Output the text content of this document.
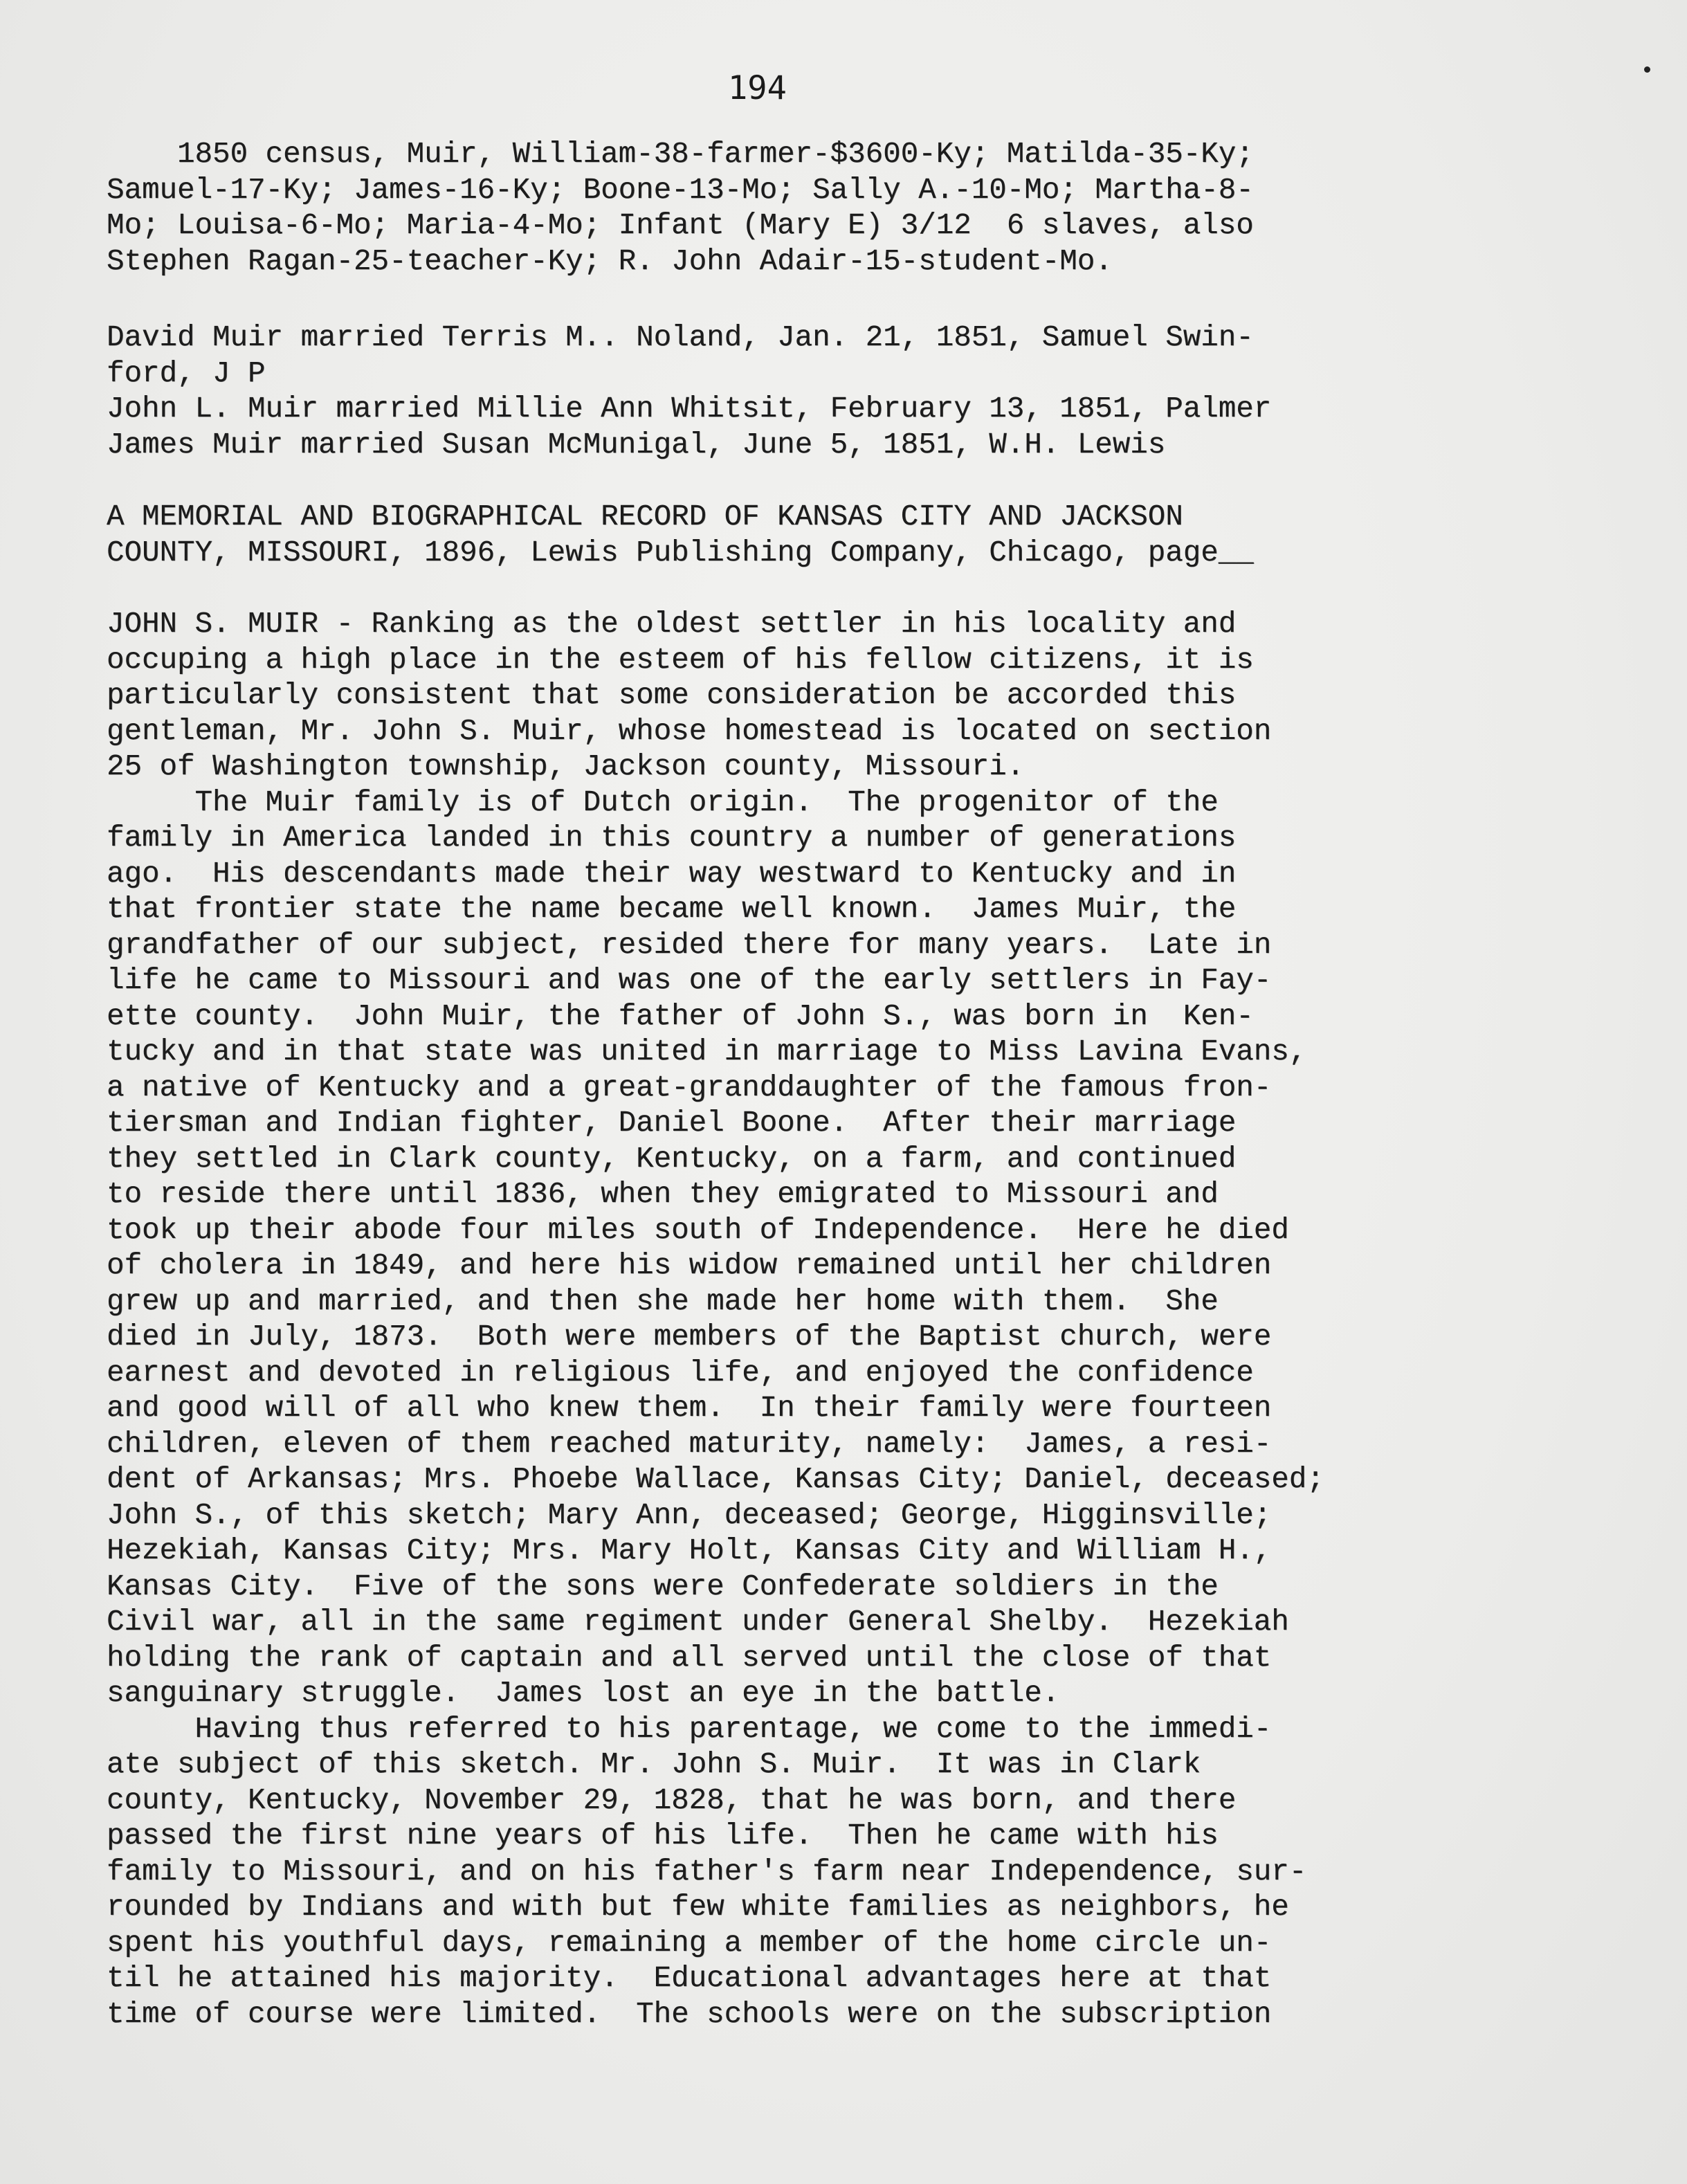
194
1850 census, Muir, William-38-farmer-$3600-Ky; Matilda-35-Ky;
Samuel-17-Ky; James-16-Ky; Boone-13-Mo; Sally A.-10-Mo; Martha-8-
Mo; Louisa-6-Mo; Maria-4-Mo; Infant (Mary E) 3/12  6 slaves, also
Stephen Ragan-25-teacher-Ky; R. John Adair-15-student-Mo.
David Muir married Terris M.. Noland, Jan. 21, 1851, Samuel Swin-
ford, J P
John L. Muir married Millie Ann Whitsit, February 13, 1851, Palmer
James Muir married Susan McMunigal, June 5, 1851, W.H. Lewis
A MEMORIAL AND BIOGRAPHICAL RECORD OF KANSAS CITY AND JACKSON
COUNTY, MISSOURI, 1896, Lewis Publishing Company, Chicago, page__
JOHN S. MUIR - Ranking as the oldest settler in his locality and
occuping a high place in the esteem of his fellow citizens, it is
particularly consistent that some consideration be accorded this
gentleman, Mr. John S. Muir, whose homestead is located on section
25 of Washington township, Jackson county, Missouri.
The Muir family is of Dutch origin.  The progenitor of the
family in America landed in this country a number of generations
ago.  His descendants made their way westward to Kentucky and in
that frontier state the name became well known.  James Muir, the
grandfather of our subject, resided there for many years.  Late in
life he came to Missouri and was one of the early settlers in Fay-
ette county.  John Muir, the father of John S., was born in  Ken-
tucky and in that state was united in marriage to Miss Lavina Evans,
a native of Kentucky and a great-granddaughter of the famous fron-
tiersman and Indian fighter, Daniel Boone.  After their marriage
they settled in Clark county, Kentucky, on a farm, and continued
to reside there until 1836, when they emigrated to Missouri and
took up their abode four miles south of Independence.  Here he died
of cholera in 1849, and here his widow remained until her children
grew up and married, and then she made her home with them.  She
died in July, 1873.  Both were members of the Baptist church, were
earnest and devoted in religious life, and enjoyed the confidence
and good will of all who knew them.  In their family were fourteen
children, eleven of them reached maturity, namely:  James, a resi-
dent of Arkansas; Mrs. Phoebe Wallace, Kansas City; Daniel, deceased;
John S., of this sketch; Mary Ann, deceased; George, Higginsville;
Hezekiah, Kansas City; Mrs. Mary Holt, Kansas City and William H.,
Kansas City.  Five of the sons were Confederate soldiers in the
Civil war, all in the same regiment under General Shelby.  Hezekiah
holding the rank of captain and all served until the close of that
sanguinary struggle.  James lost an eye in the battle.
Having thus referred to his parentage, we come to the immedi-
ate subject of this sketch. Mr. John S. Muir.  It was in Clark
county, Kentucky, November 29, 1828, that he was born, and there
passed the first nine years of his life.  Then he came with his
family to Missouri, and on his father's farm near Independence, sur-
rounded by Indians and with but few white families as neighbors, he
spent his youthful days, remaining a member of the home circle un-
til he attained his majority.  Educational advantages here at that
time of course were limited.  The schools were on the subscription
